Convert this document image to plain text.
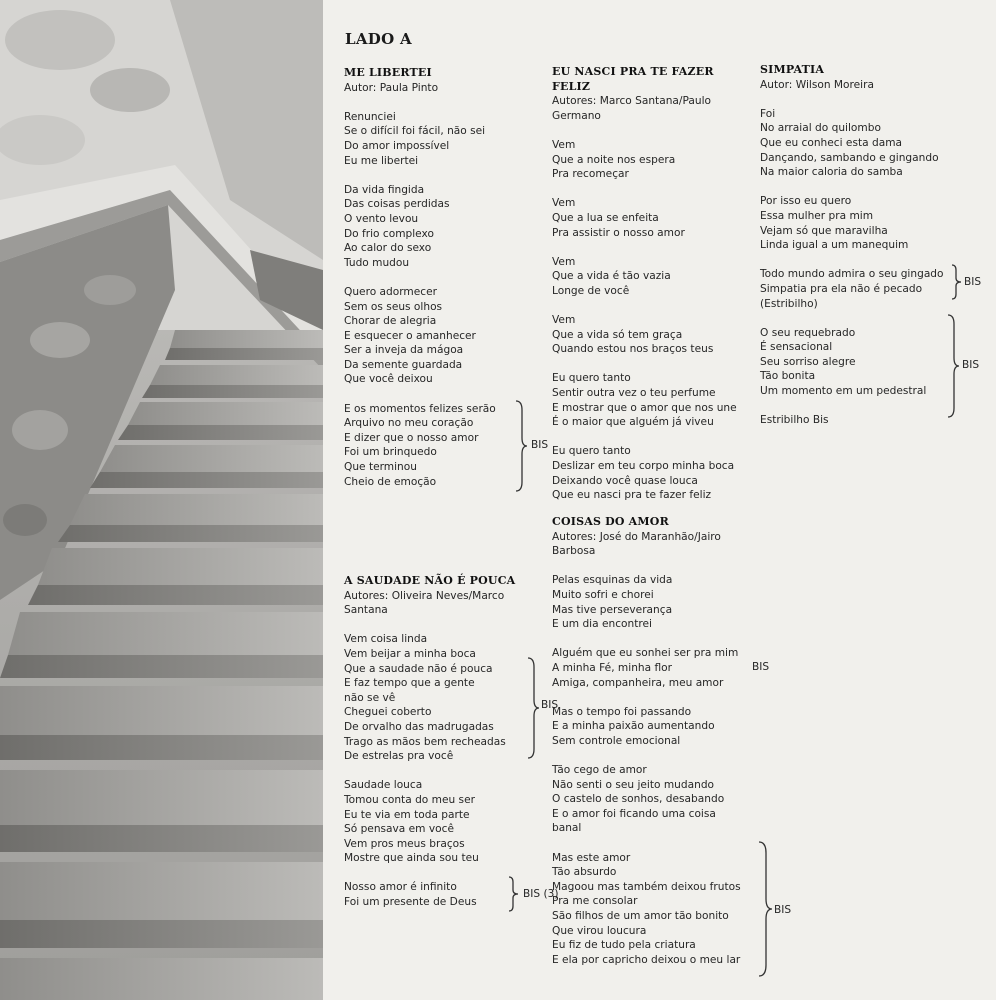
LADO A

ME LIBERTEI

Autor: Paula Pinto

Renunciei
Se o difícil foi fácil, não sei
Do amor impossível
Eu me libertei
Da vida fingida
Das coisas perdidas
O vento levou
Do frio complexo
Ao calor do sexo
Tudo mudou
Quero adormecer
Sem os seus olhos
Chorar de alegria
E esquecer o amanhecer
Ser a inveja da mágoa
Da semente guardada
Que você deixou
E os momentos felizes serão
Arquivo no meu coração
E dizer que o nosso amor
Foi um brinquedo
Que terminou
Cheio de emoção
BIS

A SAUDADE NÃO É POUCA

Autores: Oliveira Neves/Marco
Santana

Vem coisa linda
Vem beijar a minha boca
Que a saudade não é pouca
E faz tempo que a gente
não se vê
Cheguei coberto
De orvalho das madrugadas
Trago as mãos bem recheadas
De estrelas pra você
BIS
Saudade louca
Tomou conta do meu ser
Eu te via em toda parte
Só pensava em você
Vem pros meus braços
Mostre que ainda sou teu
Nosso amor é infinito
Foi um presente de Deus
BIS (3)

EU NASCI PRA TE FAZER FELIZ

Autores: Marco Santana/Paulo
Germano

Vem
Que a noite nos espera
Pra recomeçar
Vem
Que a lua se enfeita
Pra assistir o nosso amor
Vem
Que a vida é tão vazia
Longe de você
Vem
Que a vida só tem graça
Quando estou nos braços teus
Eu quero tanto
Sentir outra vez o teu perfume
E mostrar que o amor que nos une
É o maior que alguém já viveu
Eu quero tanto
Deslizar em teu corpo minha boca
Deixando você quase louca
Que eu nasci pra te fazer feliz

COISAS DO AMOR

Autores: José do Maranhão/Jairo
Barbosa

Pelas esquinas da vida
Muito sofri e chorei
Mas tive perseverança
E um dia encontrei
Alguém que eu sonhei ser pra mim
A minha Fé, minha flor
Amiga, companheira, meu amor
BIS
Mas o tempo foi passando
E a minha paixão aumentando
Sem controle emocional
Tão cego de amor
Não senti o seu jeito mudando
O castelo de sonhos, desabando
E o amor foi ficando uma coisa
banal
Mas este amor
Tão absurdo
Magoou mas também deixou frutos
Pra me consolar
São filhos de um amor tão bonito
Que virou loucura
Eu fiz de tudo pela criatura
E ela por capricho deixou o meu lar
BIS

SIMPATIA

Autor: Wilson Moreira

Foi
No arraial do quilombo
Que eu conheci esta dama
Dançando, sambando e gingando
Na maior caloria do samba
Por isso eu quero
Essa mulher pra mim
Vejam só que maravilha
Linda igual a um manequim
Todo mundo admira o seu gingado
Simpatia pra ela não é pecado
(Estribilho)
BIS
O seu requebrado
É sensacional
Seu sorriso alegre
Tão bonita
Um momento em um pedestral
BIS
Estribilho Bis
